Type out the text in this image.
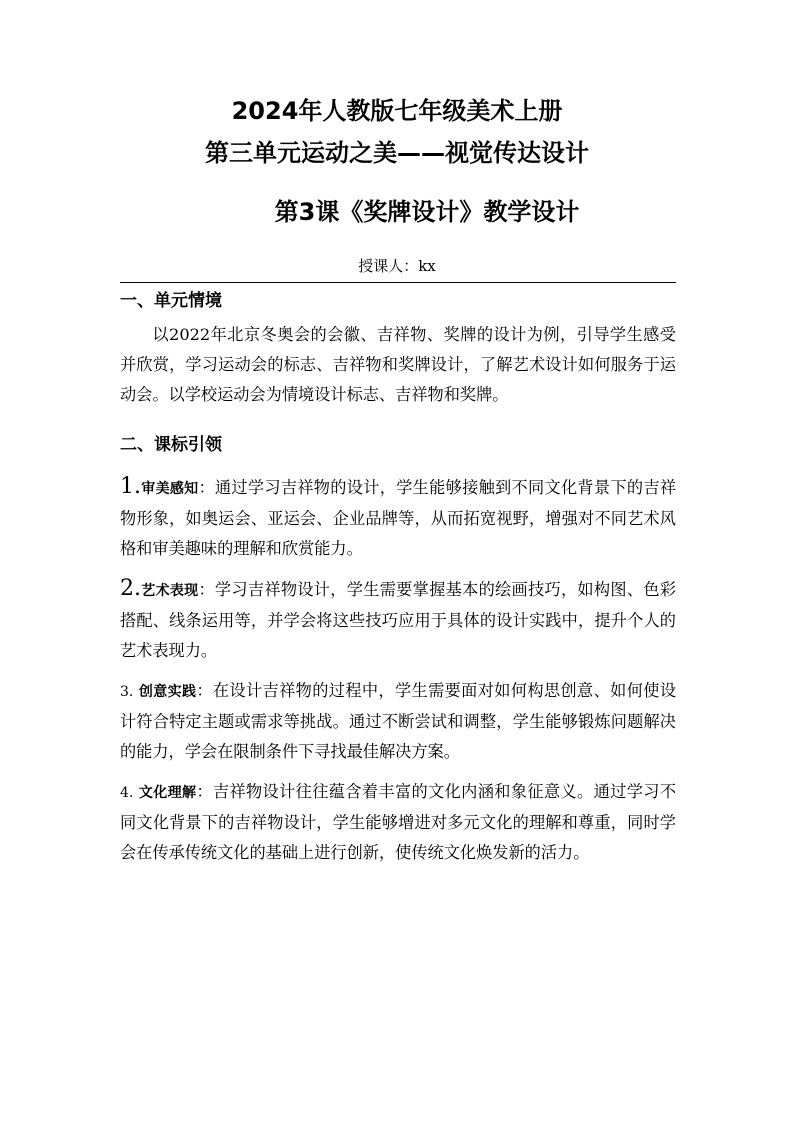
2024年人教版七年级美术上册
第三单元运动之美——视觉传达设计
第3课《奖牌设计》教学设计
授课人：kx
一、单元情境

以2022年北京冬奥会的会徽、吉祥物、奖牌的设计为例，引导学生感受并欣赏，学习运动会的标志、吉祥物和奖牌设计，了解艺术设计如何服务于运动会。以学校运动会为情境设计标志、吉祥物和奖牌。

二、课标引领

1.审美感知：通过学习吉祥物的设计，学生能够接触到不同文化背景下的吉祥物形象，如奥运会、亚运会、企业品牌等，从而拓宽视野，增强对不同艺术风格和审美趣味的理解和欣赏能力。

2.艺术表现：学习吉祥物设计，学生需要掌握基本的绘画技巧，如构图、色彩搭配、线条运用等，并学会将这些技巧应用于具体的设计实践中，提升个人的艺术表现力。

3. 创意实践：在设计吉祥物的过程中，学生需要面对如何构思创意、如何使设计符合特定主题或需求等挑战。通过不断尝试和调整，学生能够锻炼问题解决的能力，学会在限制条件下寻找最佳解决方案。

4. 文化理解：吉祥物设计往往蕴含着丰富的文化内涵和象征意义。通过学习不同文化背景下的吉祥物设计，学生能够增进对多元文化的理解和尊重，同时学会在传承传统文化的基础上进行创新，使传统文化焕发新的活力。
